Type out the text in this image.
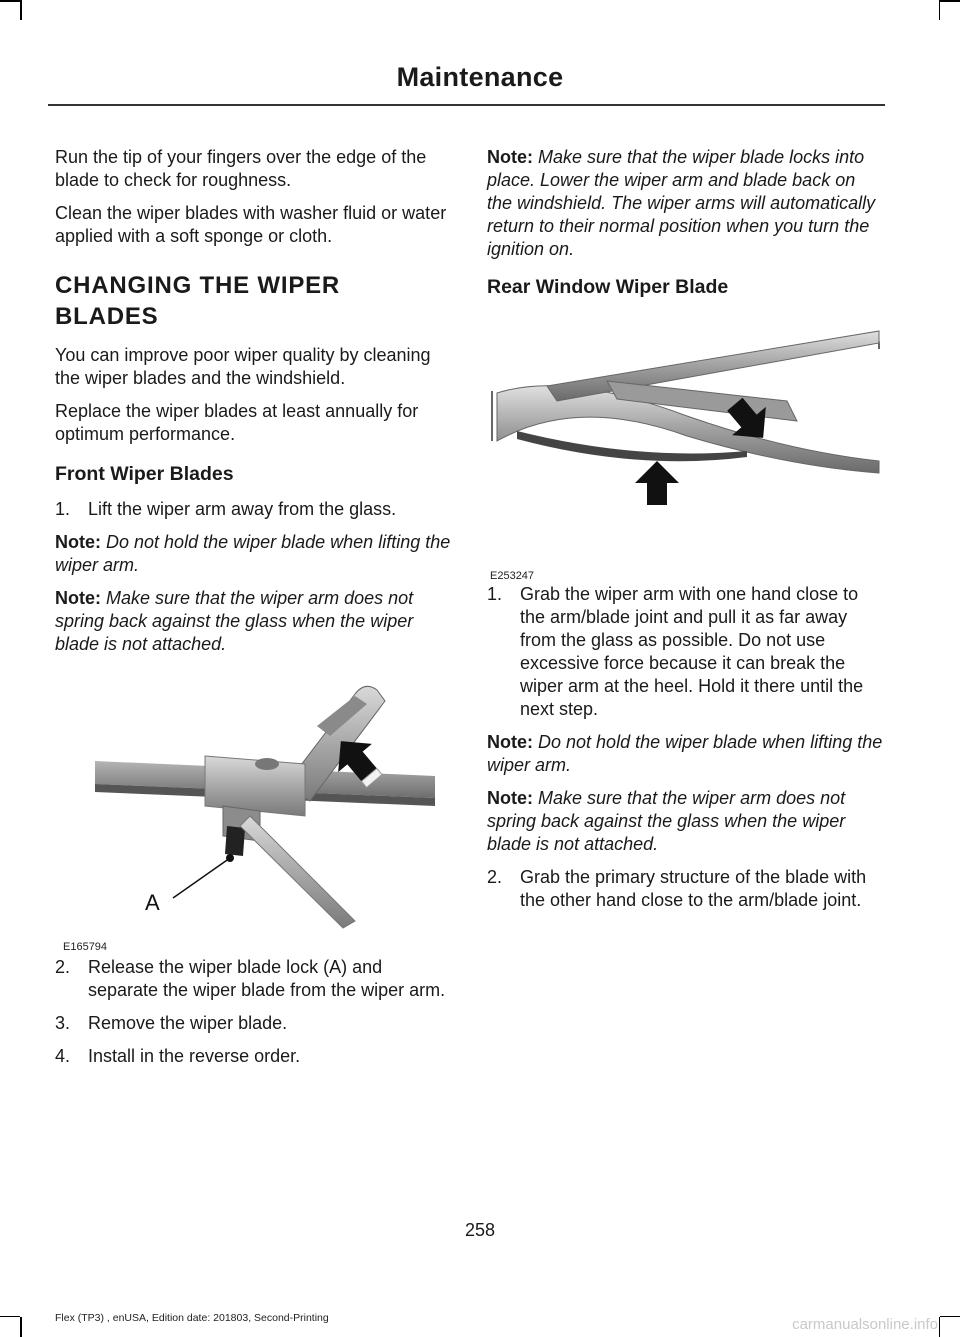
Maintenance

Run the tip of your fingers over the edge of the blade to check for roughness.

Clean the wiper blades with washer fluid or water applied with a soft sponge or cloth.

CHANGING THE WIPER
BLADES

You can improve poor wiper quality by cleaning the wiper blades and the windshield.

Replace the wiper blades at least annually for optimum performance.

Front Wiper Blades
1. Lift the wiper arm away from the glass.

Note: Do not hold the wiper blade when lifting the wiper arm.

Note: Make sure that the wiper arm does not spring back against the glass when the wiper blade is not attached.

A
E165794
2. Release the wiper blade lock (A) and separate the wiper blade from the wiper arm.
3. Remove the wiper blade.
4. Install in the reverse order.

Note: Make sure that the wiper blade locks into place. Lower the wiper arm and blade back on the windshield. The wiper arms will automatically return to their normal position when you turn the ignition on.

Rear Window Wiper Blade
E253247
1. Grab the wiper arm with one hand close to the arm/blade joint and pull it as far away from the glass as possible. Do not use excessive force because it can break the wiper arm at the heel. Hold it there until the next step.

Note: Do not hold the wiper blade when lifting the wiper arm.

Note: Make sure that the wiper arm does not spring back against the glass when the wiper blade is not attached.

2. Grab the primary structure of the blade with the other hand close to the arm/blade joint.
258
Flex (TP3) , enUSA, Edition date: 201803, Second-Printing	carmanualsonline.info
